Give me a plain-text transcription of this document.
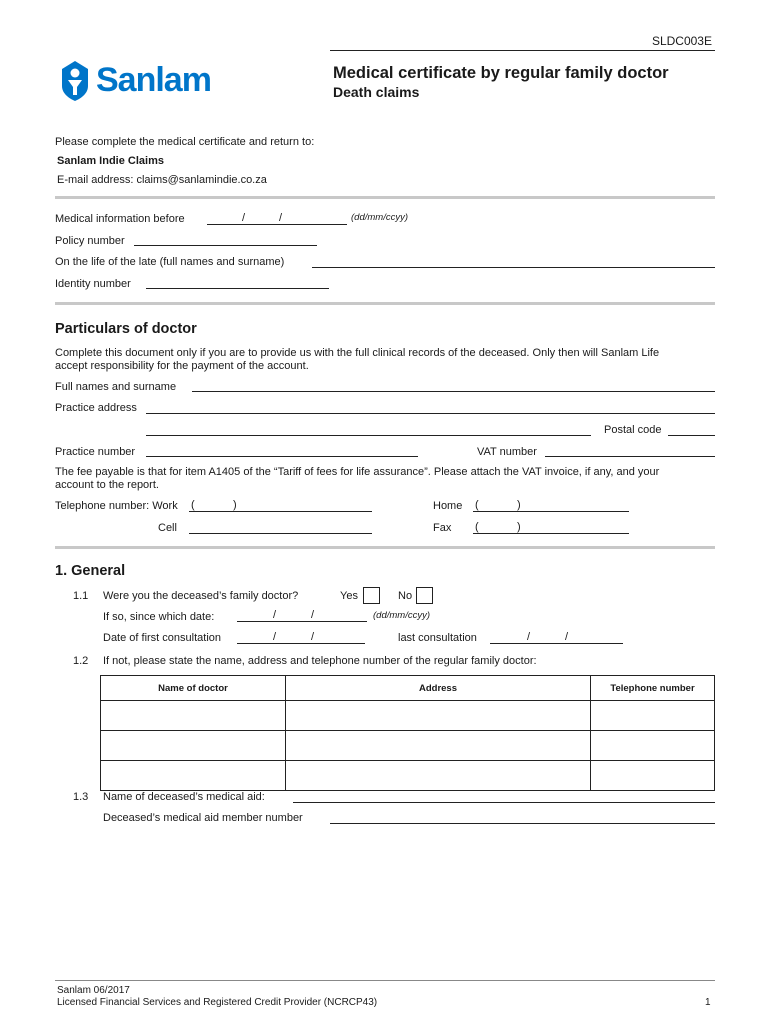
SLDC003E
Sanlam	Medical certificate by regular family doctor
Death claims
Please complete the medical certificate and return to:
Sanlam Indie Claims
E-mail address: claims@sanlamindie.co.za
Medical information before	/	/	(dd/mm/ccyy)
Policy number
On the life of the late (full names and surname)
Identity number
Particulars of doctor
Complete this document only if you are to provide us with the full clinical records of the deceased. Only then will Sanlam Life
accept responsibility for the payment of the account.
Full names and surname
Practice address
Postal code
Practice number	VAT number
The fee payable is that for item A1405 of the “Tariff of fees for life assurance”. Please attach the VAT invoice, if any, and your
account to the report.
Telephone number: Work (	)	Home (	)
Cell	Fax (	)
1. General
1.1 Were you the deceased’s family doctor?	Yes	No
If so, since which date:	/	/	(dd/mm/ccyy)
Date of first consultation	/	/	last consultation	/	/
1.2 If not, please state the name, address and telephone number of the regular family doctor:
Name of doctor	Address	Telephone number

1.3 Name of deceased’s medical aid:
Deceased’s medical aid member number
Sanlam 06/2017
Licensed Financial Services and Registered Credit Provider (NCRCP43)	1
